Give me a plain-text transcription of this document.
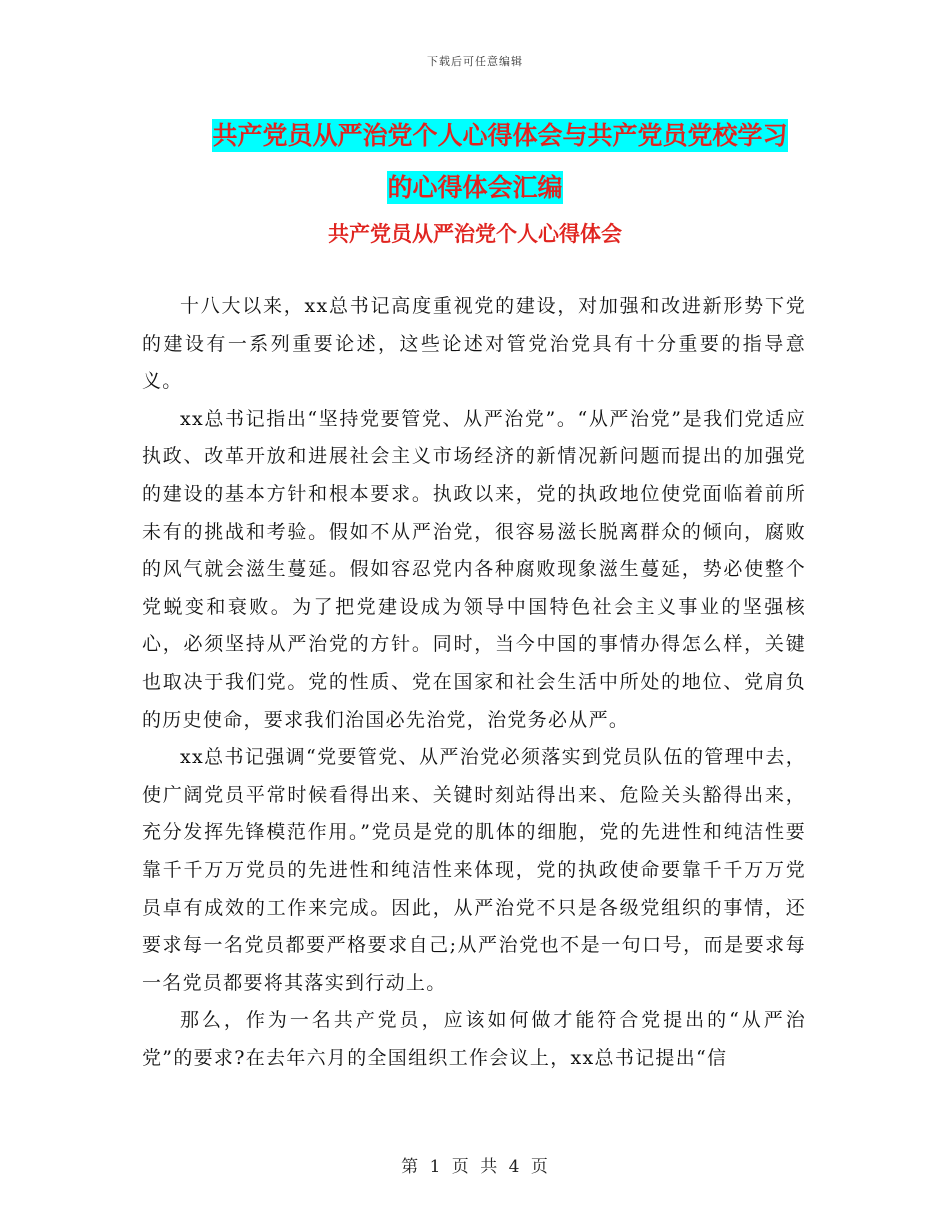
下载后可任意编辑
共产党员从严治党个人心得体会与共产党员党校学习
的心得体会汇编
共产党员从严治党个人心得体会

十八大以来，xx总书记高度重视党的建设，对加强和改进新形势下党的建设有一系列重要论述，这些论述对管党治党具有十分重要的指导意义。

xx总书记指出“坚持党要管党、从严治党”。“从严治党”是我们党适应执政、改革开放和进展社会主义市场经济的新情况新问题而提出的加强党的建设的基本方针和根本要求。执政以来，党的执政地位使党面临着前所未有的挑战和考验。假如不从严治党，很容易滋长脱离群众的倾向，腐败的风气就会滋生蔓延。假如容忍党内各种腐败现象滋生蔓延，势必使整个党蜕变和衰败。为了把党建设成为领导中国特色社会主义事业的坚强核心，必须坚持从严治党的方针。同时，当今中国的事情办得怎么样，关键也取决于我们党。党的性质、党在国家和社会生活中所处的地位、党肩负的历史使命，要求我们治国必先治党，治党务必从严。

xx总书记强调“党要管党、从严治党必须落实到党员队伍的管理中去，使广阔党员平常时候看得出来、关键时刻站得出来、危险关头豁得出来，充分发挥先锋模范作用。”党员是党的肌体的细胞，党的先进性和纯洁性要靠千千万万党员的先进性和纯洁性来体现，党的执政使命要靠千千万万党员卓有成效的工作来完成。因此，从严治党不只是各级党组织的事情，还要求每一名党员都要严格要求自己;从严治党也不是一句口号，而是要求每一名党员都要将其落实到行动上。

那么，作为一名共产党员，应该如何做才能符合党提出的“从严治党”的要求?在去年六月的全国组织工作会议上，xx总书记提出“信

第 1 页 共 4 页
